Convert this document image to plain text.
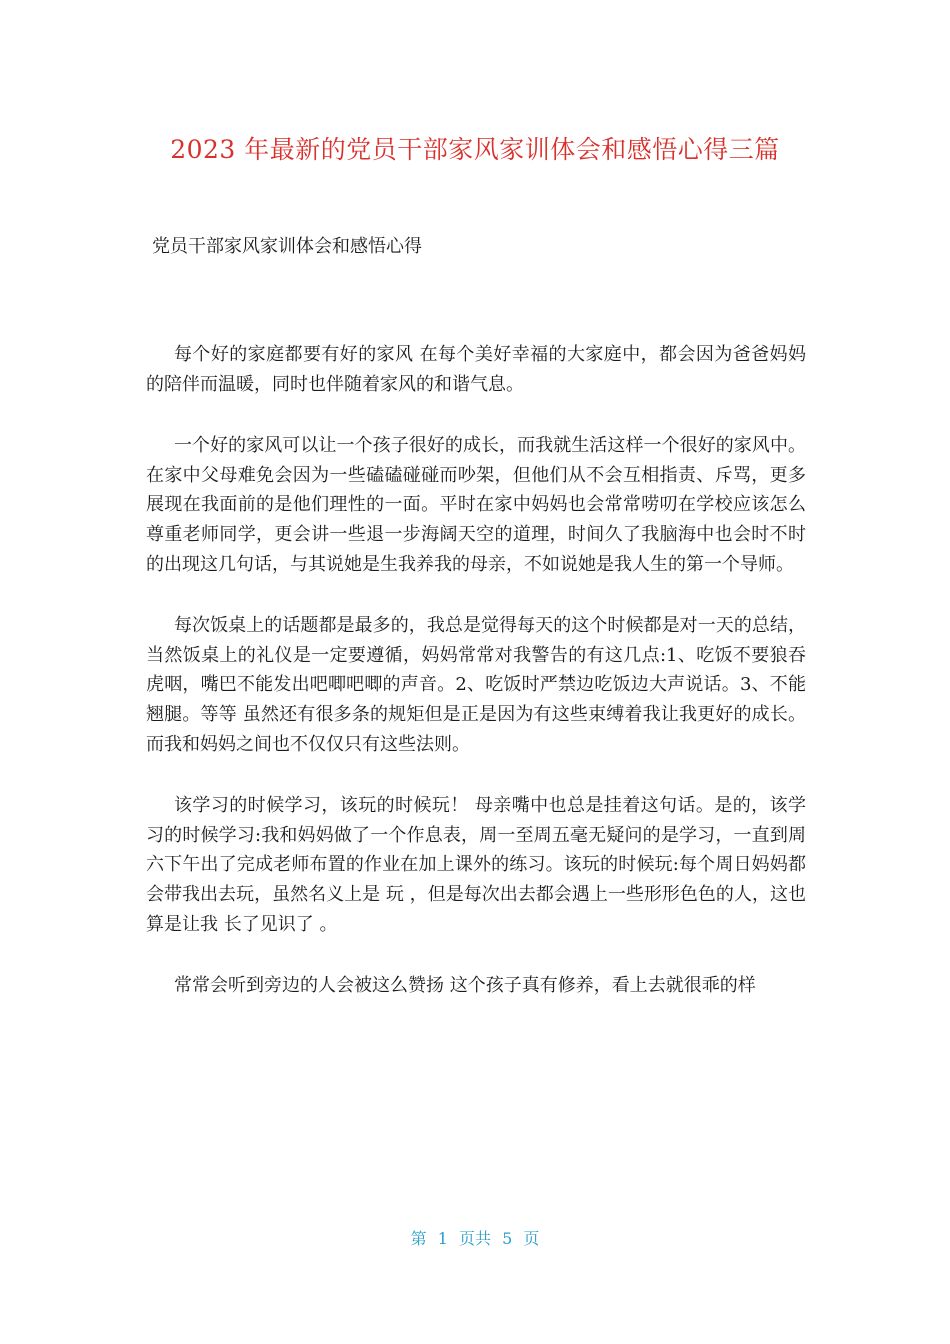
2023 年最新的党员干部家风家训体会和感悟心得三篇

党员干部家风家训体会和感悟心得

每个好的家庭都要有好的家风 在每个美好幸福的大家庭中，都会因为爸爸妈妈的陪伴而温暖，同时也伴随着家风的和谐气息。

一个好的家风可以让一个孩子很好的成长，而我就生活这样一个很好的家风中。在家中父母难免会因为一些磕磕碰碰而吵架，但他们从不会互相指责、斥骂，更多展现在我面前的是他们理性的一面。平时在家中妈妈也会常常唠叨在学校应该怎么尊重老师同学，更会讲一些退一步海阔天空的道理，时间久了我脑海中也会时不时的出现这几句话，与其说她是生我养我的母亲，不如说她是我人生的第一个导师。

每次饭桌上的话题都是最多的，我总是觉得每天的这个时候都是对一天的总结，当然饭桌上的礼仪是一定要遵循，妈妈常常对我警告的有这几点:1、吃饭不要狼吞虎咽，嘴巴不能发出吧唧吧唧的声音。2、吃饭时严禁边吃饭边大声说话。3、不能翘腿。等等 虽然还有很多条的规矩但是正是因为有这些束缚着我让我更好的成长。而我和妈妈之间也不仅仅只有这些法则。

该学习的时候学习，该玩的时候玩！ 母亲嘴中也总是挂着这句话。是的，该学习的时候学习:我和妈妈做了一个作息表，周一至周五毫无疑问的是学习，一直到周六下午出了完成老师布置的作业在加上课外的练习。该玩的时候玩:每个周日妈妈都会带我出去玩，虽然名义上是 玩 ，但是每次出去都会遇上一些形形色色的人，这也算是让我 长了见识了 。

常常会听到旁边的人会被这么赞扬 这个孩子真有修养，看上去就很乖的样

第 1 页共 5 页
